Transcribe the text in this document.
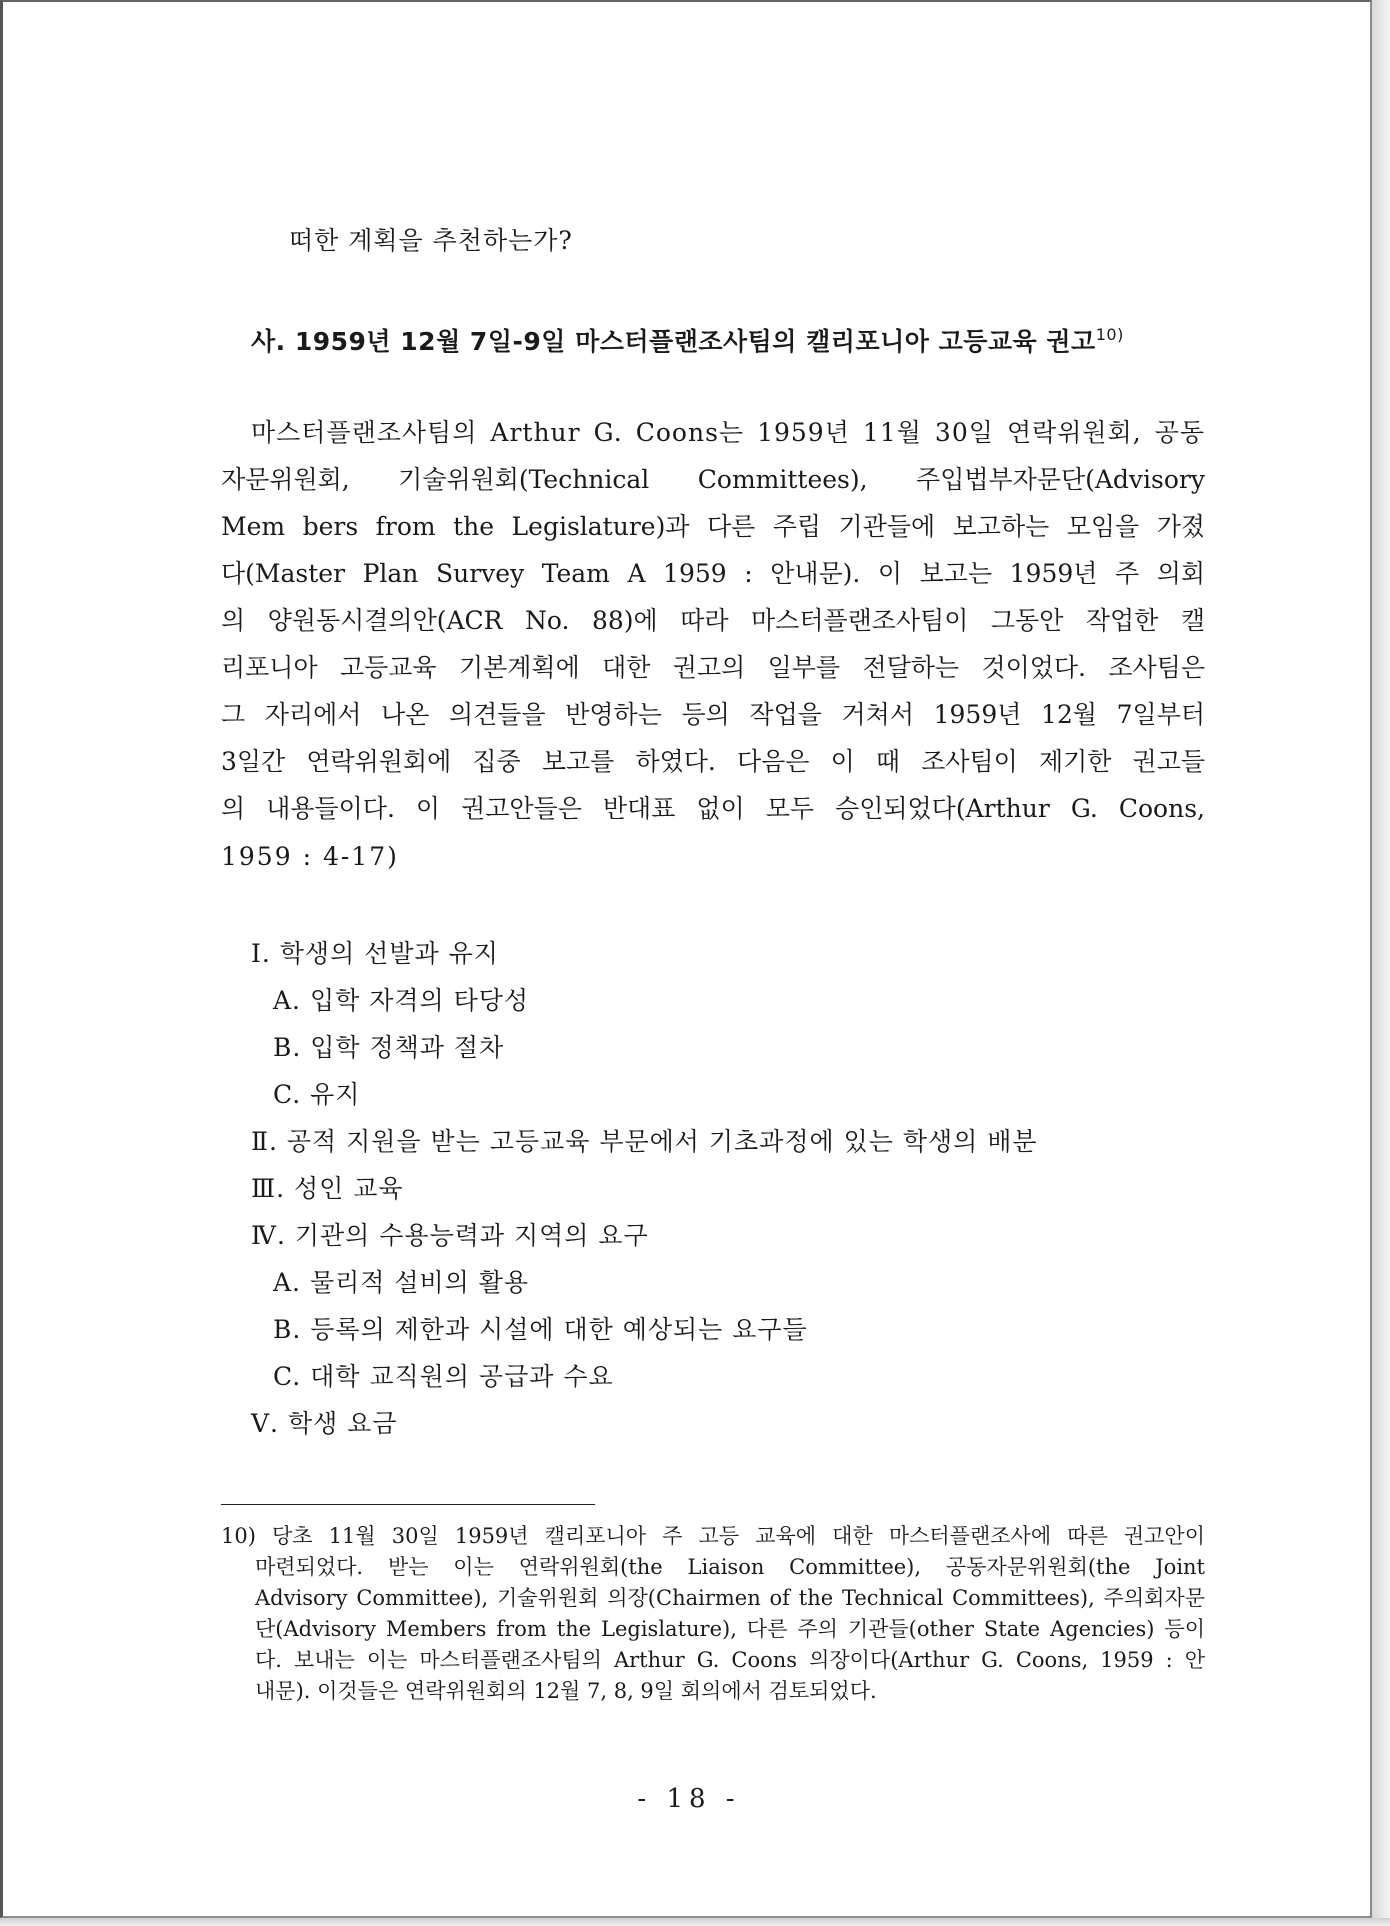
떠한 계획을 추천하는가?
사. 1959년 12월 7일-9일 마스터플랜조사팀의 캘리포니아 고등교육 권고$^{10)}$
마스터플랜조사팀의 Arthur G. Coons는 1959년 11월 30일 연락위원회, 공동
자문위원회, 기술위원회(Technical Committees), 주입법부자문단(Advisory
Mem bers from the Legislature)과 다른 주립 기관들에 보고하는 모임을 가졌
다(Master Plan Survey Team A 1959 : 안내문). 이 보고는 1959년 주 의회
의 양원동시결의안(ACR No. 88)에 따라 마스터플랜조사팀이 그동안 작업한 캘
리포니아 고등교육 기본계획에 대한 권고의 일부를 전달하는 것이었다. 조사팀은
그 자리에서 나온 의견들을 반영하는 등의 작업을 거쳐서 1959년 12월 7일부터
3일간 연락위원회에 집중 보고를 하였다. 다음은 이 때 조사팀이 제기한 권고들
의 내용들이다. 이 권고안들은 반대표 없이 모두 승인되었다(Arthur G. Coons,
1959 : 4-17)
Ⅰ. 학생의 선발과 유지
A. 입학 자격의 타당성
B. 입학 정책과 절차
C. 유지
Ⅱ. 공적 지원을 받는 고등교육 부문에서 기초과정에 있는 학생의 배분
Ⅲ. 성인 교육
Ⅳ. 기관의 수용능력과 지역의 요구
A. 물리적 설비의 활용
B. 등록의 제한과 시설에 대한 예상되는 요구들
C. 대학 교직원의 공급과 수요
Ⅴ. 학생 요금
10) 당초 11월 30일 1959년 캘리포니아 주 고등 교육에 대한 마스터플랜조사에 따른 권고안이
마련되었다. 받는 이는 연락위원회(the Liaison Committee), 공동자문위원회(the Joint
Advisory Committee), 기술위원회 의장(Chairmen of the Technical Committees), 주의회자문
단(Advisory Members from the Legislature), 다른 주의 기관들(other State Agencies) 등이
다. 보내는 이는 마스터플랜조사팀의 Arthur G. Coons 의장이다(Arthur G. Coons, 1959 : 안
내문). 이것들은 연락위원회의 12월 7, 8, 9일 회의에서 검토되었다.
- 18 -
